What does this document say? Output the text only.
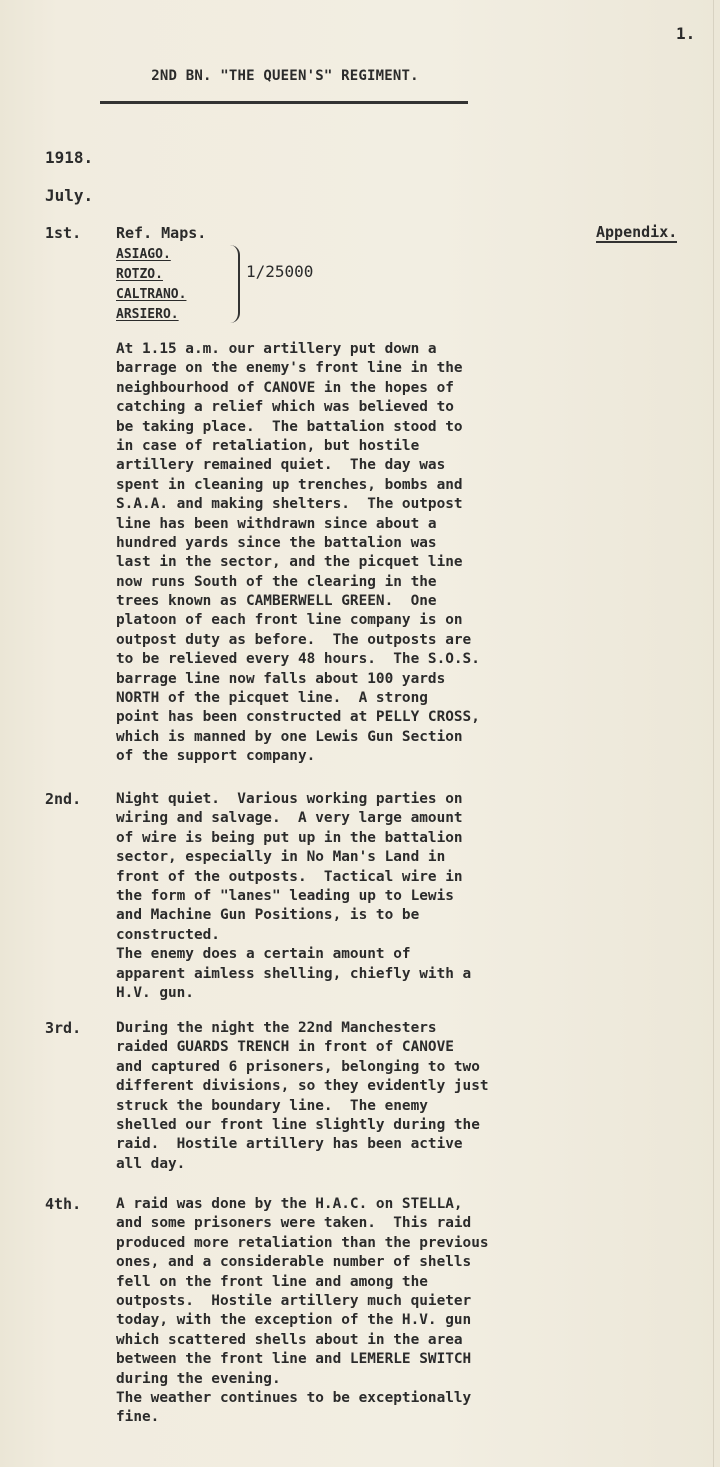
1.
2ND BN. "THE QUEEN'S" REGIMENT.
1918.
July.
Appendix.
1st. Ref. Maps.
ASIAGO.
ROTZO.
CALTRANO.
ARSIERO.
1/25000
At 1.15 a.m. our artillery put down a
barrage on the enemy's front line in the
neighbourhood of CANOVE in the hopes of
catching a relief which was believed to
be taking place.  The battalion stood to
in case of retaliation, but hostile
artillery remained quiet.  The day was
spent in cleaning up trenches, bombs and
S.A.A. and making shelters.  The outpost
line has been withdrawn since about a
hundred yards since the battalion was
last in the sector, and the picquet line
now runs South of the clearing in the
trees known as CAMBERWELL GREEN.  One
platoon of each front line company is on
outpost duty as before.  The outposts are
to be relieved every 48 hours.  The S.O.S.
barrage line now falls about 100 yards
NORTH of the picquet line.  A strong
point has been constructed at PELLY CROSS,
which is manned by one Lewis Gun Section
of the support company.
2nd. Night quiet.  Various working parties on
wiring and salvage.  A very large amount
of wire is being put up in the battalion
sector, especially in No Man's Land in
front of the outposts.  Tactical wire in
the form of "lanes" leading up to Lewis
and Machine Gun Positions, is to be
constructed.
The enemy does a certain amount of
apparent aimless shelling, chiefly with a
H.V. gun.
3rd. During the night the 22nd Manchesters
raided GUARDS TRENCH in front of CANOVE
and captured 6 prisoners, belonging to two
different divisions, so they evidently just
struck the boundary line.  The enemy
shelled our front line slightly during the
raid.  Hostile artillery has been active
all day.
4th. A raid was done by the H.A.C. on STELLA,
and some prisoners were taken.  This raid
produced more retaliation than the previous
ones, and a considerable number of shells
fell on the front line and among the
outposts.  Hostile artillery much quieter
today, with the exception of the H.V. gun
which scattered shells about in the area
between the front line and LEMERLE SWITCH
during the evening.
The weather continues to be exceptionally
fine.
